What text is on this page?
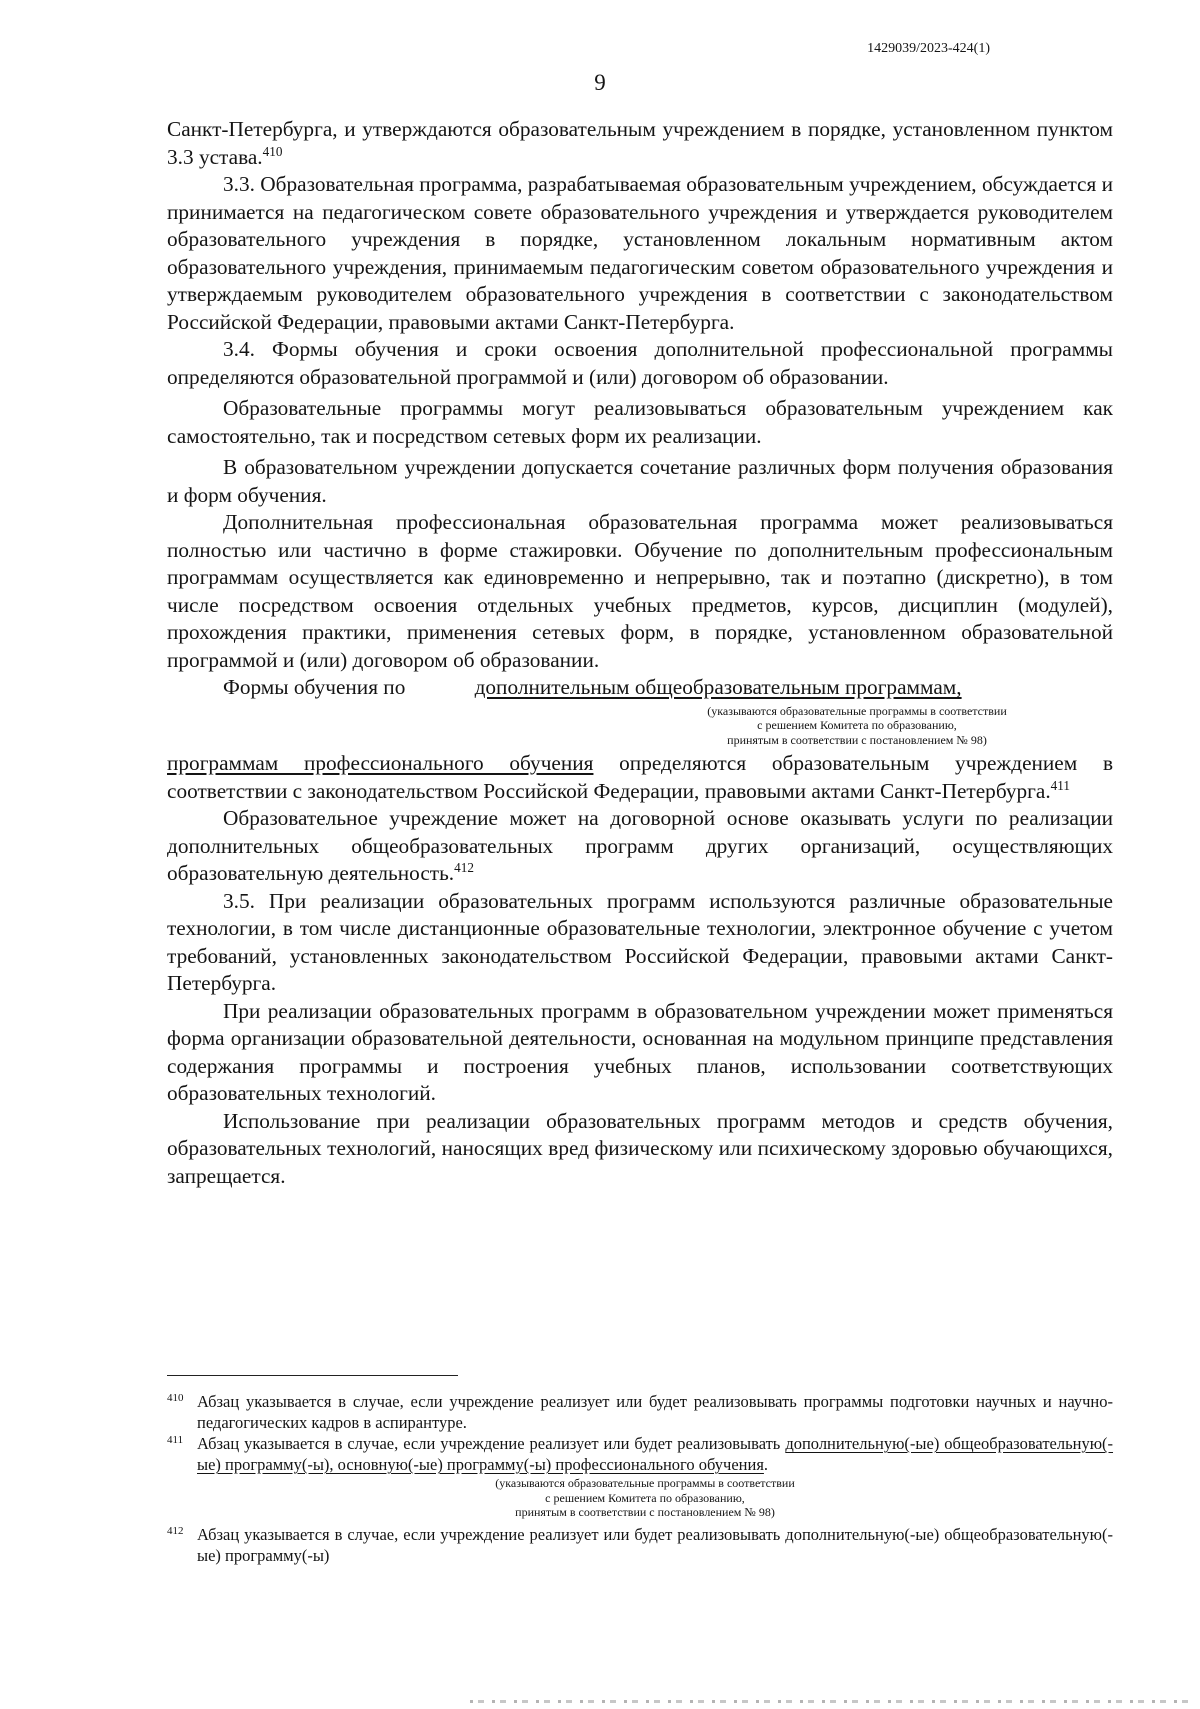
1429039/2023-424(1)
9

Санкт-Петербурга, и утверждаются образовательным учреждением в порядке, установленном пунктом 3.3 устава.$^{410}$

3.3. Образовательная программа, разрабатываемая образовательным учреждением, обсуждается и принимается на педагогическом совете образовательного учреждения и утверждается руководителем образовательного учреждения в порядке, установленном локальным нормативным актом образовательного учреждения, принимаемым педагогическим советом образовательного учреждения и утверждаемым руководителем образовательного учреждения в соответствии с законодательством Российской Федерации, правовыми актами Санкт-Петербурга.

3.4. Формы обучения и сроки освоения дополнительной профессиональной программы определяются образовательной программой и (или) договором об образовании.

Образовательные программы могут реализовываться образовательным учреждением как самостоятельно, так и посредством сетевых форм их реализации.

В образовательном учреждении допускается сочетание различных форм получения образования и форм обучения.

Дополнительная профессиональная образовательная программа может реализовываться полностью или частично в форме стажировки. Обучение по дополнительным профессиональным программам осуществляется как единовременно и непрерывно, так и поэтапно (дискретно), в том числе посредством освоения отдельных учебных предметов, курсов, дисциплин (модулей), прохождения практики, применения сетевых форм, в порядке, установленном образовательной программой и (или) договором об образовании.

Формы обучения по	дополнительным общеобразовательным программам,

(указываются образовательные программы в соответствии
с решением Комитета по образованию,
принятым в соответствии с постановлением № 98)

программам профессионального обучения определяются образовательным учреждением в соответствии с законодательством Российской Федерации, правовыми актами Санкт-Петербурга.$^{411}$

Образовательное учреждение может на договорной основе оказывать услуги по реализации дополнительных общеобразовательных программ других организаций, осуществляющих образовательную деятельность.$^{412}$

3.5. При реализации образовательных программ используются различные образовательные технологии, в том числе дистанционные образовательные технологии, электронное обучение с учетом требований, установленных законодательством Российской Федерации, правовыми актами Санкт-Петербурга.

При реализации образовательных программ в образовательном учреждении может применяться форма организации образовательной деятельности, основанная на модульном принципе представления содержания программы и построения учебных планов, использовании соответствующих образовательных технологий.

Использование при реализации образовательных программ методов и средств обучения, образовательных технологий, наносящих вред физическому или психическому здоровью обучающихся, запрещается.

410 Абзац указывается в случае, если учреждение реализует или будет реализовывать программы подготовки научных и научно-педагогических кадров в аспирантуре.

411 Абзац указывается в случае, если учреждение реализует или будет реализовывать дополнительную(-ые) общеобразовательную(-ые) программу(-ы), основную(-ые) программу(-ы) профессионального обучения.

(указываются образовательные программы в соответствии
с решением Комитета по образованию,
принятым в соответствии с постановлением № 98)

412 Абзац указывается в случае, если учреждение реализует или будет реализовывать дополнительную(-ые) общеобразовательную(-ые) программу(-ы)
